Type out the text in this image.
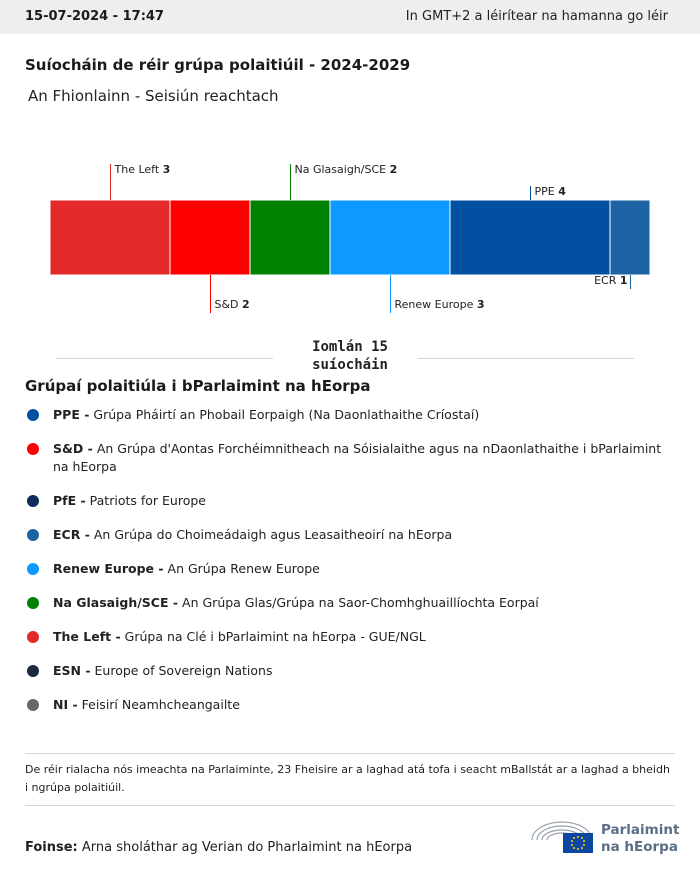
15-07-2024 - 17:47	In GMT+2 a léirítear na hamanna go léir
Suíocháin de réir grúpa polaitiúil - 2024-2029
An Fhionlainn - Seisiún reachtach
The Left 3
S&D 2
Na Glasaigh/SCE 2
Renew Europe 3
PPE 4
ECR 1
Iomlán 15 suíocháin
Grúpaí polaitiúla i bParlaimint na hEorpa
PPE - Grúpa Pháirtí an Phobail Eorpaigh (Na Daonlathaithe Críostaí)
S&D - An Grúpa d'Aontas Forchéimnitheach na Sóisialaithe agus na nDaonlathaithe i bParlaimint na hEorpa
PfE - Patriots for Europe
ECR - An Grúpa do Choimeádaigh agus Leasaitheoirí na hEorpa
Renew Europe - An Grúpa Renew Europe
Na Glasaigh/SCE - An Grúpa Glas/Grúpa na Saor-Chomhghuaillíochta Eorpaí
The Left - Grúpa na Clé i bParlaimint na hEorpa - GUE/NGL
ESN - Europe of Sovereign Nations
NI - Feisirí Neamhcheangailte
De réir rialacha nós imeachta na Parlaiminte, 23 Fheisire ar a laghad atá tofa i seacht mBallstát ar a laghad a bheidh i ngrúpa polaitiúil.
Foinse: Arna sholáthar ag Verian do Pharlaimint na hEorpa
Parlaimint
na hEorpa
